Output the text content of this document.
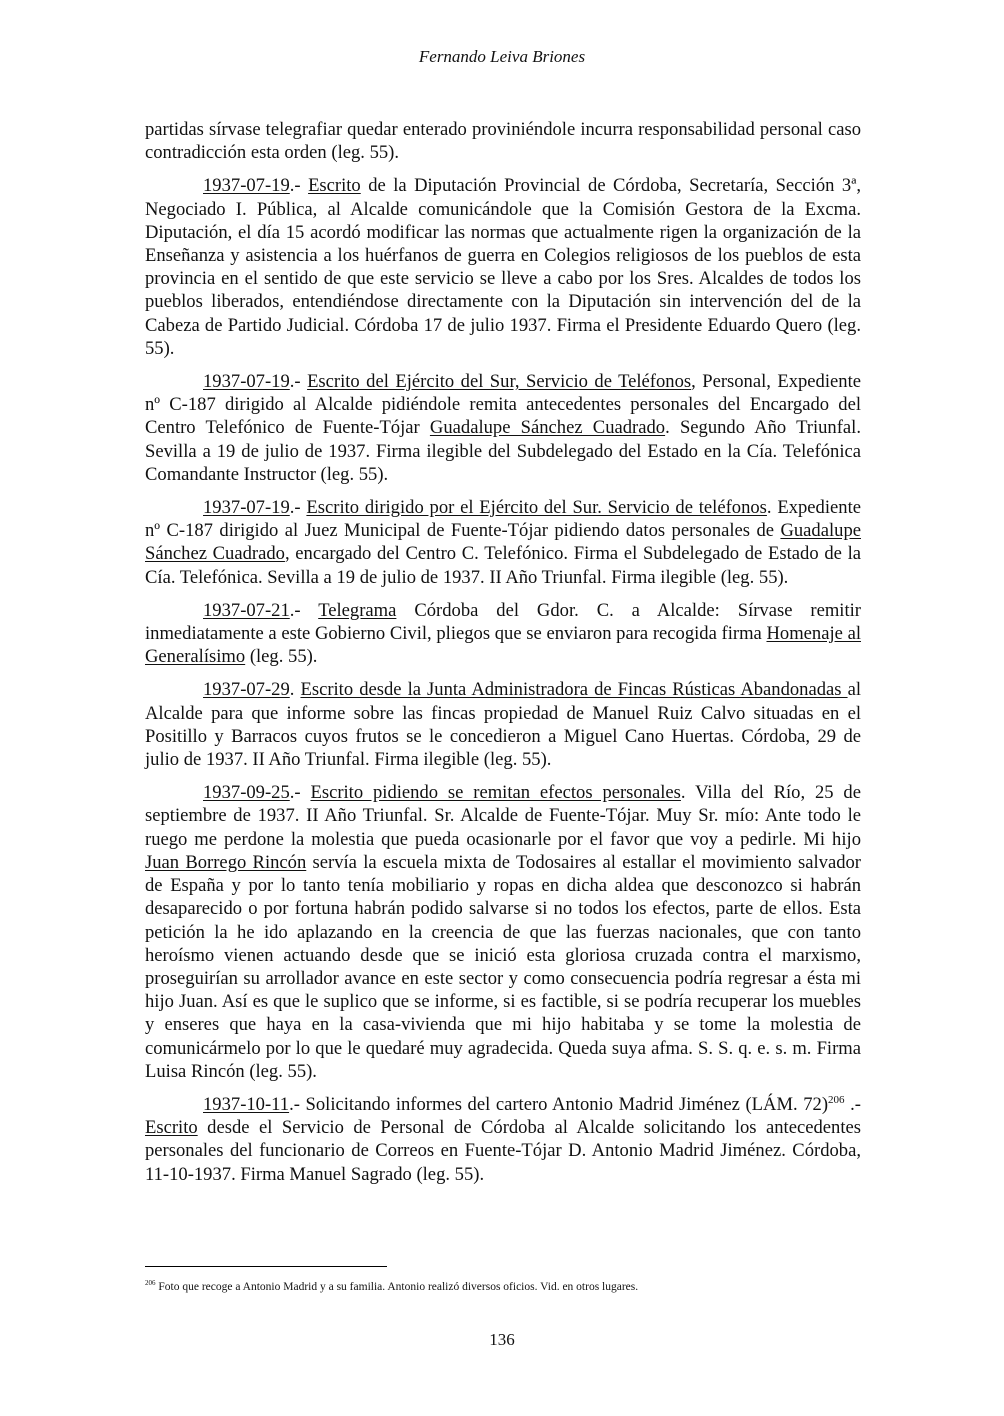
Fernando Leiva Briones

partidas sírvase telegrafiar quedar enterado proviniéndole incurra responsabilidad personal caso contradicción esta orden (leg. 55).

1937-07-19.- Escrito de la Diputación Provincial de Córdoba, Secretaría, Sección 3ª, Negociado I. Pública, al Alcalde comunicándole que la Comisión Gestora de la Excma. Diputación, el día 15 acordó modificar las normas que actualmente rigen la organización de la Enseñanza y asistencia a los huérfanos de guerra en Colegios religiosos de los pueblos de esta provincia en el sentido de que este servicio se lleve a cabo por los Sres. Alcaldes de todos los pueblos liberados, entendiéndose directamente con la Diputación sin intervención del de la Cabeza de Partido Judicial. Córdoba 17 de julio 1937. Firma el Presidente Eduardo Quero (leg. 55).

1937-07-19.- Escrito del Ejército del Sur, Servicio de Teléfonos, Personal, Expediente nº C-187 dirigido al Alcalde pidiéndole remita antecedentes personales del Encargado del Centro Telefónico de Fuente-Tójar Guadalupe Sánchez Cuadrado. Segundo Año Triunfal. Sevilla a 19 de julio de 1937. Firma ilegible del Subdelegado del Estado en la Cía. Telefónica Comandante Instructor (leg. 55).

1937-07-19.- Escrito dirigido por el Ejército del Sur. Servicio de teléfonos. Expediente nº C-187 dirigido al Juez Municipal de Fuente-Tójar pidiendo datos personales de Guadalupe Sánchez Cuadrado, encargado del Centro C. Telefónico. Firma el Subdelegado de Estado de la Cía. Telefónica. Sevilla a 19 de julio de 1937. II Año Triunfal. Firma ilegible (leg. 55).

1937-07-21.- Telegrama Córdoba del Gdor. C. a Alcalde: Sírvase remitir inmediatamente a este Gobierno Civil, pliegos que se enviaron para recogida firma Homenaje al Generalísimo (leg. 55).

1937-07-29. Escrito desde la Junta Administradora de Fincas Rústicas Abandonadas al Alcalde para que informe sobre las fincas propiedad de Manuel Ruiz Calvo situadas en el Positillo y Barracos cuyos frutos se le concedieron a Miguel Cano Huertas. Córdoba, 29 de julio de 1937. II Año Triunfal. Firma ilegible (leg. 55).

1937-09-25.- Escrito pidiendo se remitan efectos personales. Villa del Río, 25 de septiembre de 1937. II Año Triunfal. Sr. Alcalde de Fuente-Tójar. Muy Sr. mío: Ante todo le ruego me perdone la molestia que pueda ocasionarle por el favor que voy a pedirle. Mi hijo Juan Borrego Rincón servía la escuela mixta de Todosaires al estallar el movimiento salvador de España y por lo tanto tenía mobiliario y ropas en dicha aldea que desconozco si habrán desaparecido o por fortuna habrán podido salvarse si no todos los efectos, parte de ellos. Esta petición la he ido aplazando en la creencia de que las fuerzas nacionales, que con tanto heroísmo vienen actuando desde que se inició esta gloriosa cruzada contra el marxismo, proseguirían su arrollador avance en este sector y como consecuencia podría regresar a ésta mi hijo Juan. Así es que le suplico que se informe, si es factible, si se podría recuperar los muebles y enseres que haya en la casa-vivienda que mi hijo habitaba y se tome la molestia de comunicármelo por lo que le quedaré muy agradecida. Queda suya afma. S. S. q. e. s. m. Firma Luisa Rincón (leg. 55).

1937-10-11.- Solicitando informes del cartero Antonio Madrid Jiménez (LÁM. 72)$^{206}$ .- Escrito desde el Servicio de Personal de Córdoba al Alcalde solicitando los antecedentes personales del funcionario de Correos en Fuente-Tójar D. Antonio Madrid Jiménez. Córdoba, 11-10-1937. Firma Manuel Sagrado (leg. 55).

$^{206}$ Foto que recoge a Antonio Madrid y a su familia. Antonio realizó diversos oficios. Vid. en otros lugares.
136
